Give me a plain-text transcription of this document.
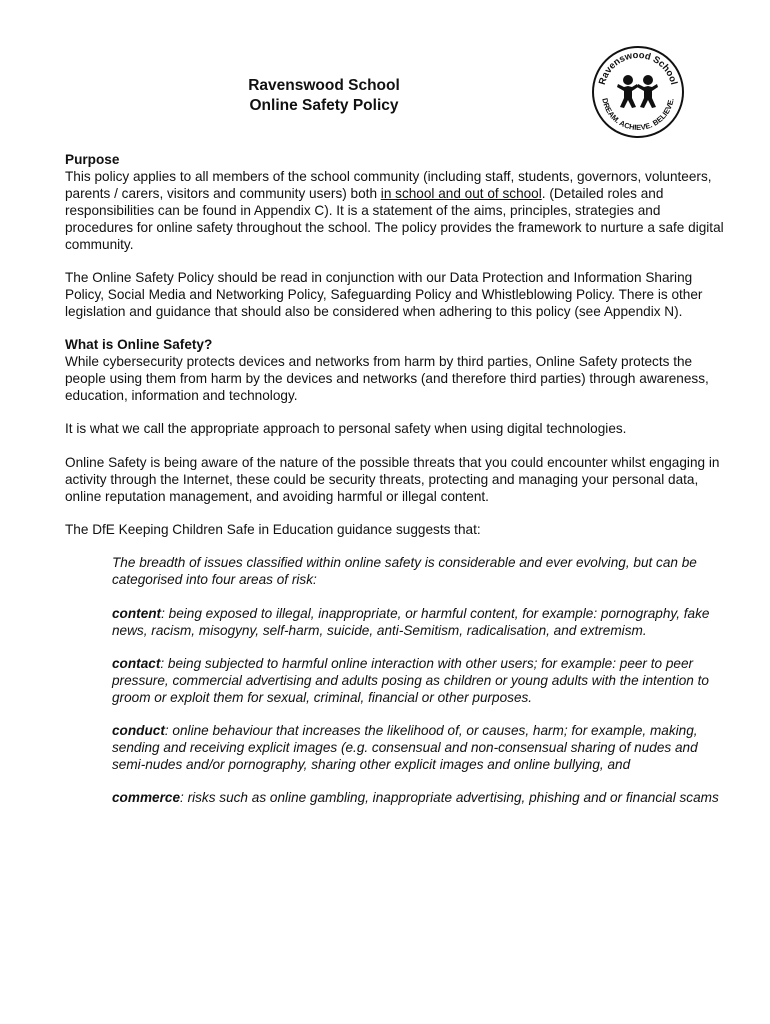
Ravenswood School
Online Safety Policy
Ravenswood School
DREAM. ACHIEVE. BELIEVE.

Purpose

This policy applies to all members of the school community (including staff, students, governors, volunteers, parents / carers, visitors and community users) both in school and out of school. (Detailed roles and responsibilities can be found in Appendix C). It is a statement of the aims, principles, strategies and procedures for online safety throughout the school. The policy provides the framework to nurture a safe digital community.

The Online Safety Policy should be read in conjunction with our Data Protection and Information Sharing Policy, Social Media and Networking Policy, Safeguarding Policy and Whistleblowing Policy. There is other legislation and guidance that should also be considered when adhering to this policy (see Appendix N).

What is Online Safety?

While cybersecurity protects devices and networks from harm by third parties, Online Safety protects the people using them from harm by the devices and networks (and therefore third parties) through awareness, education, information and technology.

It is what we call the appropriate approach to personal safety when using digital technologies.

Online Safety is being aware of the nature of the possible threats that you could encounter whilst engaging in activity through the Internet, these could be security threats, protecting and managing your personal data, online reputation management, and avoiding harmful or illegal content.

The DfE Keeping Children Safe in Education guidance suggests that:

The breadth of issues classified within online safety is considerable and ever evolving, but can be categorised into four areas of risk:

content: being exposed to illegal, inappropriate, or harmful content, for example: pornography, fake news, racism, misogyny, self-harm, suicide, anti-Semitism, radicalisation, and extremism.

contact: being subjected to harmful online interaction with other users; for example: peer to peer pressure, commercial advertising and adults posing as children or young adults with the intention to groom or exploit them for sexual, criminal, financial or other purposes.

conduct: online behaviour that increases the likelihood of, or causes, harm; for example, making, sending and receiving explicit images (e.g. consensual and non-consensual sharing of nudes and semi-nudes and/or pornography, sharing other explicit images and online bullying, and

commerce: risks such as online gambling, inappropriate advertising, phishing and or financial scams
